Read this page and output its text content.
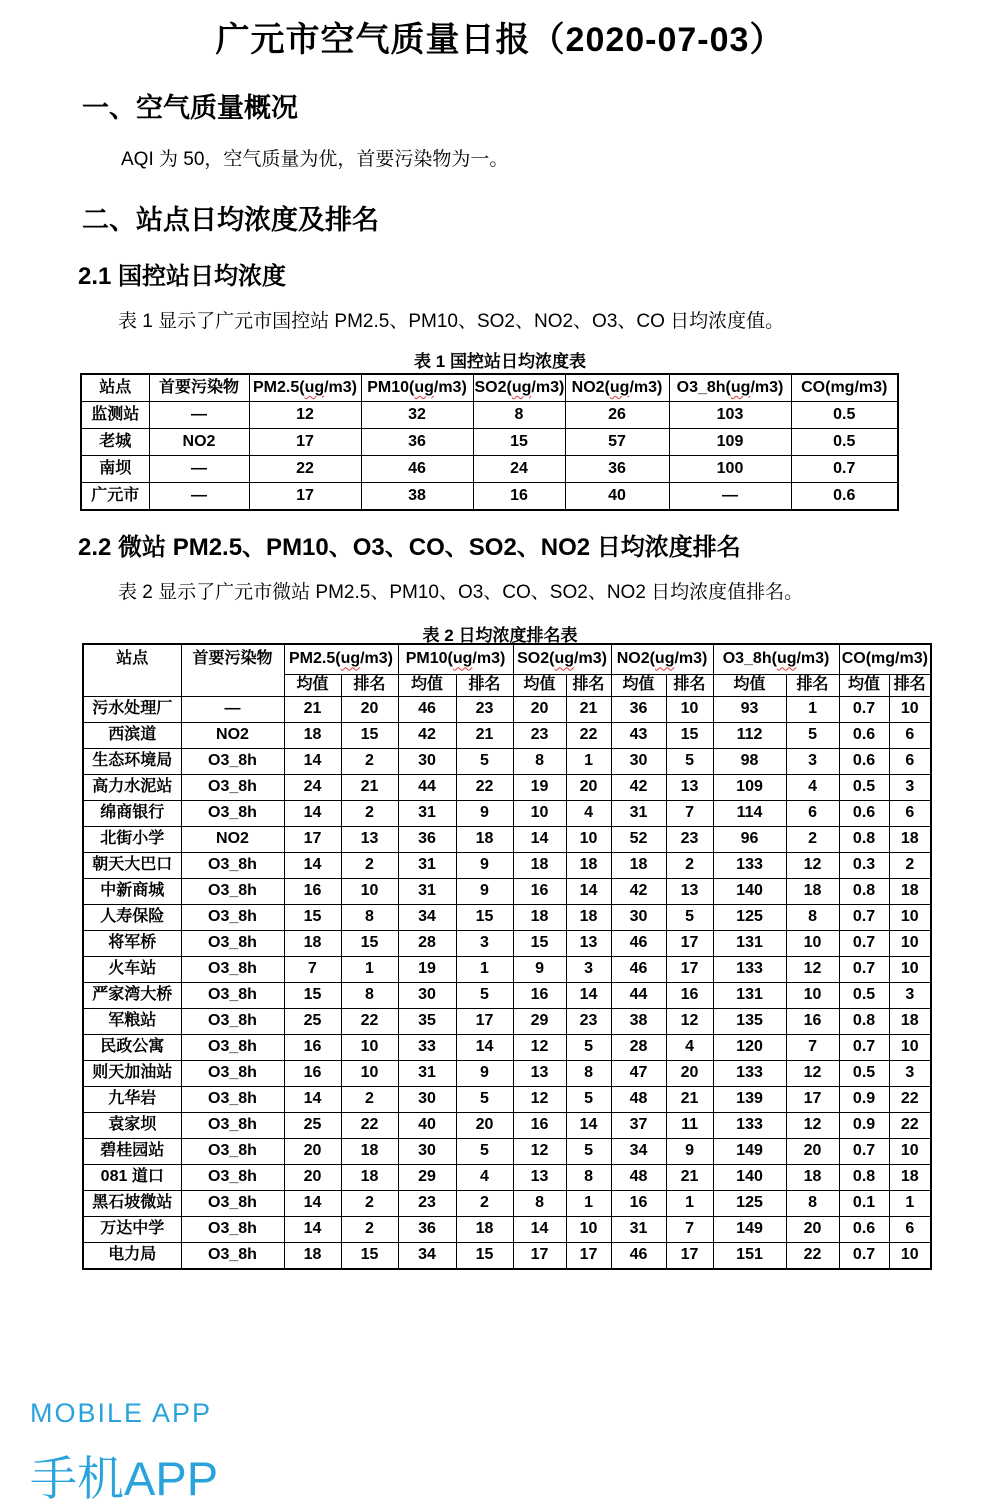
广元市空气质量日报（2020-07-03）
一、空气质量概况
AQI 为 50，空气质量为优，首要污染物为一。
二、站点日均浓度及排名
2.1 国控站日均浓度
表 1 显示了广元市国控站 PM2.5、PM10、SO2、NO2、O3、CO 日均浓度值。
表 1 国控站日均浓度表
站点	首要污染物	PM2.5(ug/m3)	PM10(ug/m3)	SO2(ug/m3)	NO2(ug/m3)	O3_8h(ug/m3)	CO(mg/m3)
监测站	—	12	32	8	26	103	0.5
老城	NO2	17	36	15	57	109	0.5
南坝	—	22	46	24	36	100	0.7
广元市	—	17	38	16	40	—	0.6
2.2 微站 PM2.5、PM10、O3、CO、SO2、NO2 日均浓度排名
表 2 显示了广元市微站 PM2.5、PM10、O3、CO、SO2、NO2 日均浓度值排名。
表 2 日均浓度排名表
站点	首要污染物	PM2.5(ug/m3)		PM10(ug/m3)		SO2(ug/m3)		NO2(ug/m3)		O3_8h(ug/m3)		CO(mg/m3)	
		均值	排名	均值	排名	均值	排名	均值	排名	均值	排名	均值	排名
污水处理厂	—	21	20	46	23	20	21	36	10	93	1	0.7	10
西滨道	NO2	18	15	42	21	23	22	43	15	112	5	0.6	6
生态环境局	O3_8h	14	2	30	5	8	1	30	5	98	3	0.6	6
高力水泥站	O3_8h	24	21	44	22	19	20	42	13	109	4	0.5	3
绵商银行	O3_8h	14	2	31	9	10	4	31	7	114	6	0.6	6
北街小学	NO2	17	13	36	18	14	10	52	23	96	2	0.8	18
朝天大巴口	O3_8h	14	2	31	9	18	18	18	2	133	12	0.3	2
中新商城	O3_8h	16	10	31	9	16	14	42	13	140	18	0.8	18
人寿保险	O3_8h	15	8	34	15	18	18	30	5	125	8	0.7	10
将军桥	O3_8h	18	15	28	3	15	13	46	17	131	10	0.7	10
火车站	O3_8h	7	1	19	1	9	3	46	17	133	12	0.7	10
严家湾大桥	O3_8h	15	8	30	5	16	14	44	16	131	10	0.5	3
军粮站	O3_8h	25	22	35	17	29	23	38	12	135	16	0.8	18
民政公寓	O3_8h	16	10	33	14	12	5	28	4	120	7	0.7	10
则天加油站	O3_8h	16	10	31	9	13	8	47	20	133	12	0.5	3
九华岩	O3_8h	14	2	30	5	12	5	48	21	139	17	0.9	22
袁家坝	O3_8h	25	22	40	20	16	14	37	11	133	12	0.9	22
碧桂园站	O3_8h	20	18	30	5	12	5	34	9	149	20	0.7	10
081 道口	O3_8h	20	18	29	4	13	8	48	21	140	18	0.8	18
黑石坡微站	O3_8h	14	2	23	2	8	1	16	1	125	8	0.1	1
万达中学	O3_8h	14	2	36	18	14	10	31	7	149	20	0.6	6
电力局	O3_8h	18	15	34	15	17	17	46	17	151	22	0.7	10
MOBILE APP
手机APP
